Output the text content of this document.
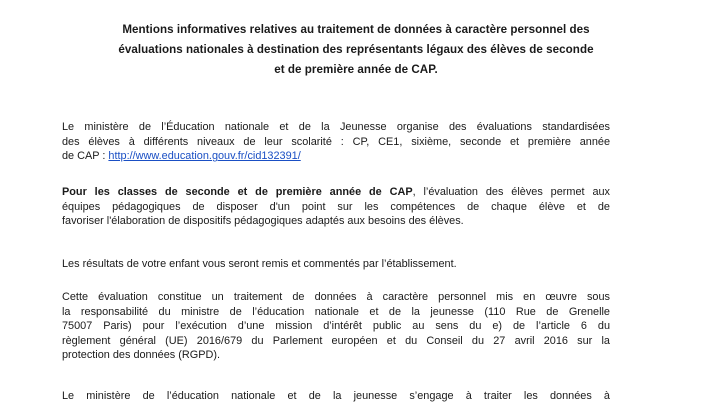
Mentions informatives relatives au traitement de données à caractère personnel des
évaluations nationales à destination des représentants légaux des élèves de seconde
et de première année de CAP.
Le ministère de l’Éducation nationale et de la Jeunesse organise des évaluations standardisées
des élèves à différents niveaux de leur scolarité : CP, CE1, sixième, seconde et première année
de CAP : http://www.education.gouv.fr/cid132391/
Pour les classes de seconde et de première année de CAP, l’évaluation des élèves permet aux
équipes pédagogiques de disposer d'un point sur les compétences de chaque élève et de
favoriser l'élaboration de dispositifs pédagogiques adaptés aux besoins des élèves.
Les résultats de votre enfant vous seront remis et commentés par l’établissement.
Cette évaluation constitue un traitement de données à caractère personnel mis en œuvre sous
la responsabilité du ministre de l’éducation nationale et de la jeunesse (110 Rue de Grenelle
75007 Paris) pour l’exécution d’une mission d’intérêt public au sens du e) de l’article 6 du
règlement général (UE) 2016/679 du Parlement européen et du Conseil du 27 avril 2016 sur la
protection des données (RGPD).
Le ministère de l’éducation nationale et de la jeunesse s’engage à traiter les données à
